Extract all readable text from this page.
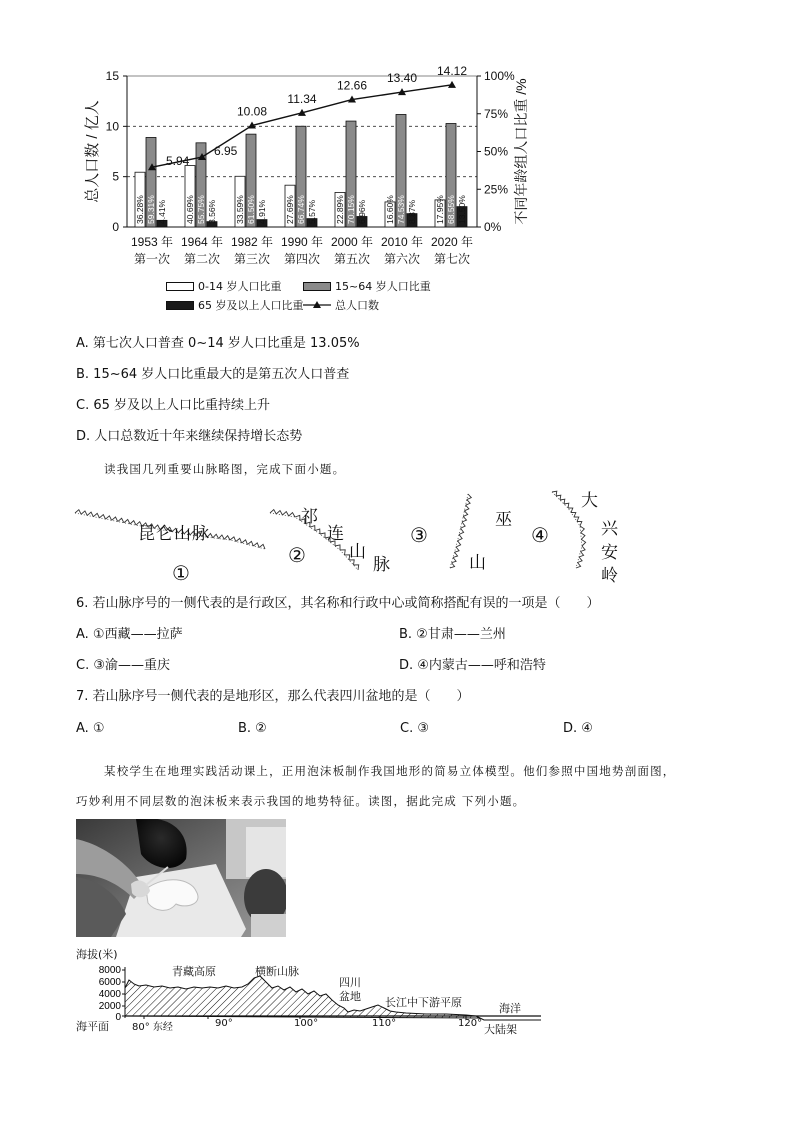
0
5
10
15
0%
25%
50%
75%
100%
总人口数 / 亿人	不同年龄组人口比重 /%
36.28% 59.31% 4.41% 40.69% 55.75% 3.56% 33.59% 61.50% 4.91% 27.69% 66.74% 5.57% 22.89% 70.15% 6.96% 16.60% 74.53% 8.87% 17.95% 68.55% 13.50%
5.94
6.95
10.08
11.34
12.66
13.40
14.12
1953 年
第一次
1964 年
第二次
1982 年
第三次
1990 年
第四次
2000 年
第五次
2010 年
第六次
2020 年
第七次
0-14 岁人口比重	15~64 岁人口比重
65 岁及以上人口比重	总人口数
A. 第七次人口普查 0~14 岁人口比重是 13.05%
B. 15~64 岁人口比重最大的是第五次人口普查
C. 65 岁及以上人口比重持续上升
D. 人口总数近十年来继续保持增长态势
读我国几列重要山脉略图，完成下面小题。
昆仑山脉
①
祁
连
山
脉
②
③
巫
山
④
大
兴
安
岭
6. 若山脉序号的一侧代表的是行政区，其名称和行政中心或简称搭配有误的一项是（　　）
A. ①西藏——拉萨	B. ②甘肃——兰州
C. ③渝——重庆	D. ④内蒙古——呼和浩特
7. 若山脉序号一侧代表的是地形区，那么代表四川盆地的是（　　）
A. ①	B. ②	C. ③	D. ④
某校学生在地理实践活动课上，正用泡沫板制作我国地形的简易立体模型。他们参照中国地势剖面图，
巧妙利用不同层数的泡沫板来表示我国的地势特征。读图，据此完成 下列小题。
海拔(米)
海平面
8000
6000
4000
2000
0
青藏高原	横断山脉
四川
盆地 长江中下游平原	海洋
大陆架
80° 东经	90°	100°	110°	120°
